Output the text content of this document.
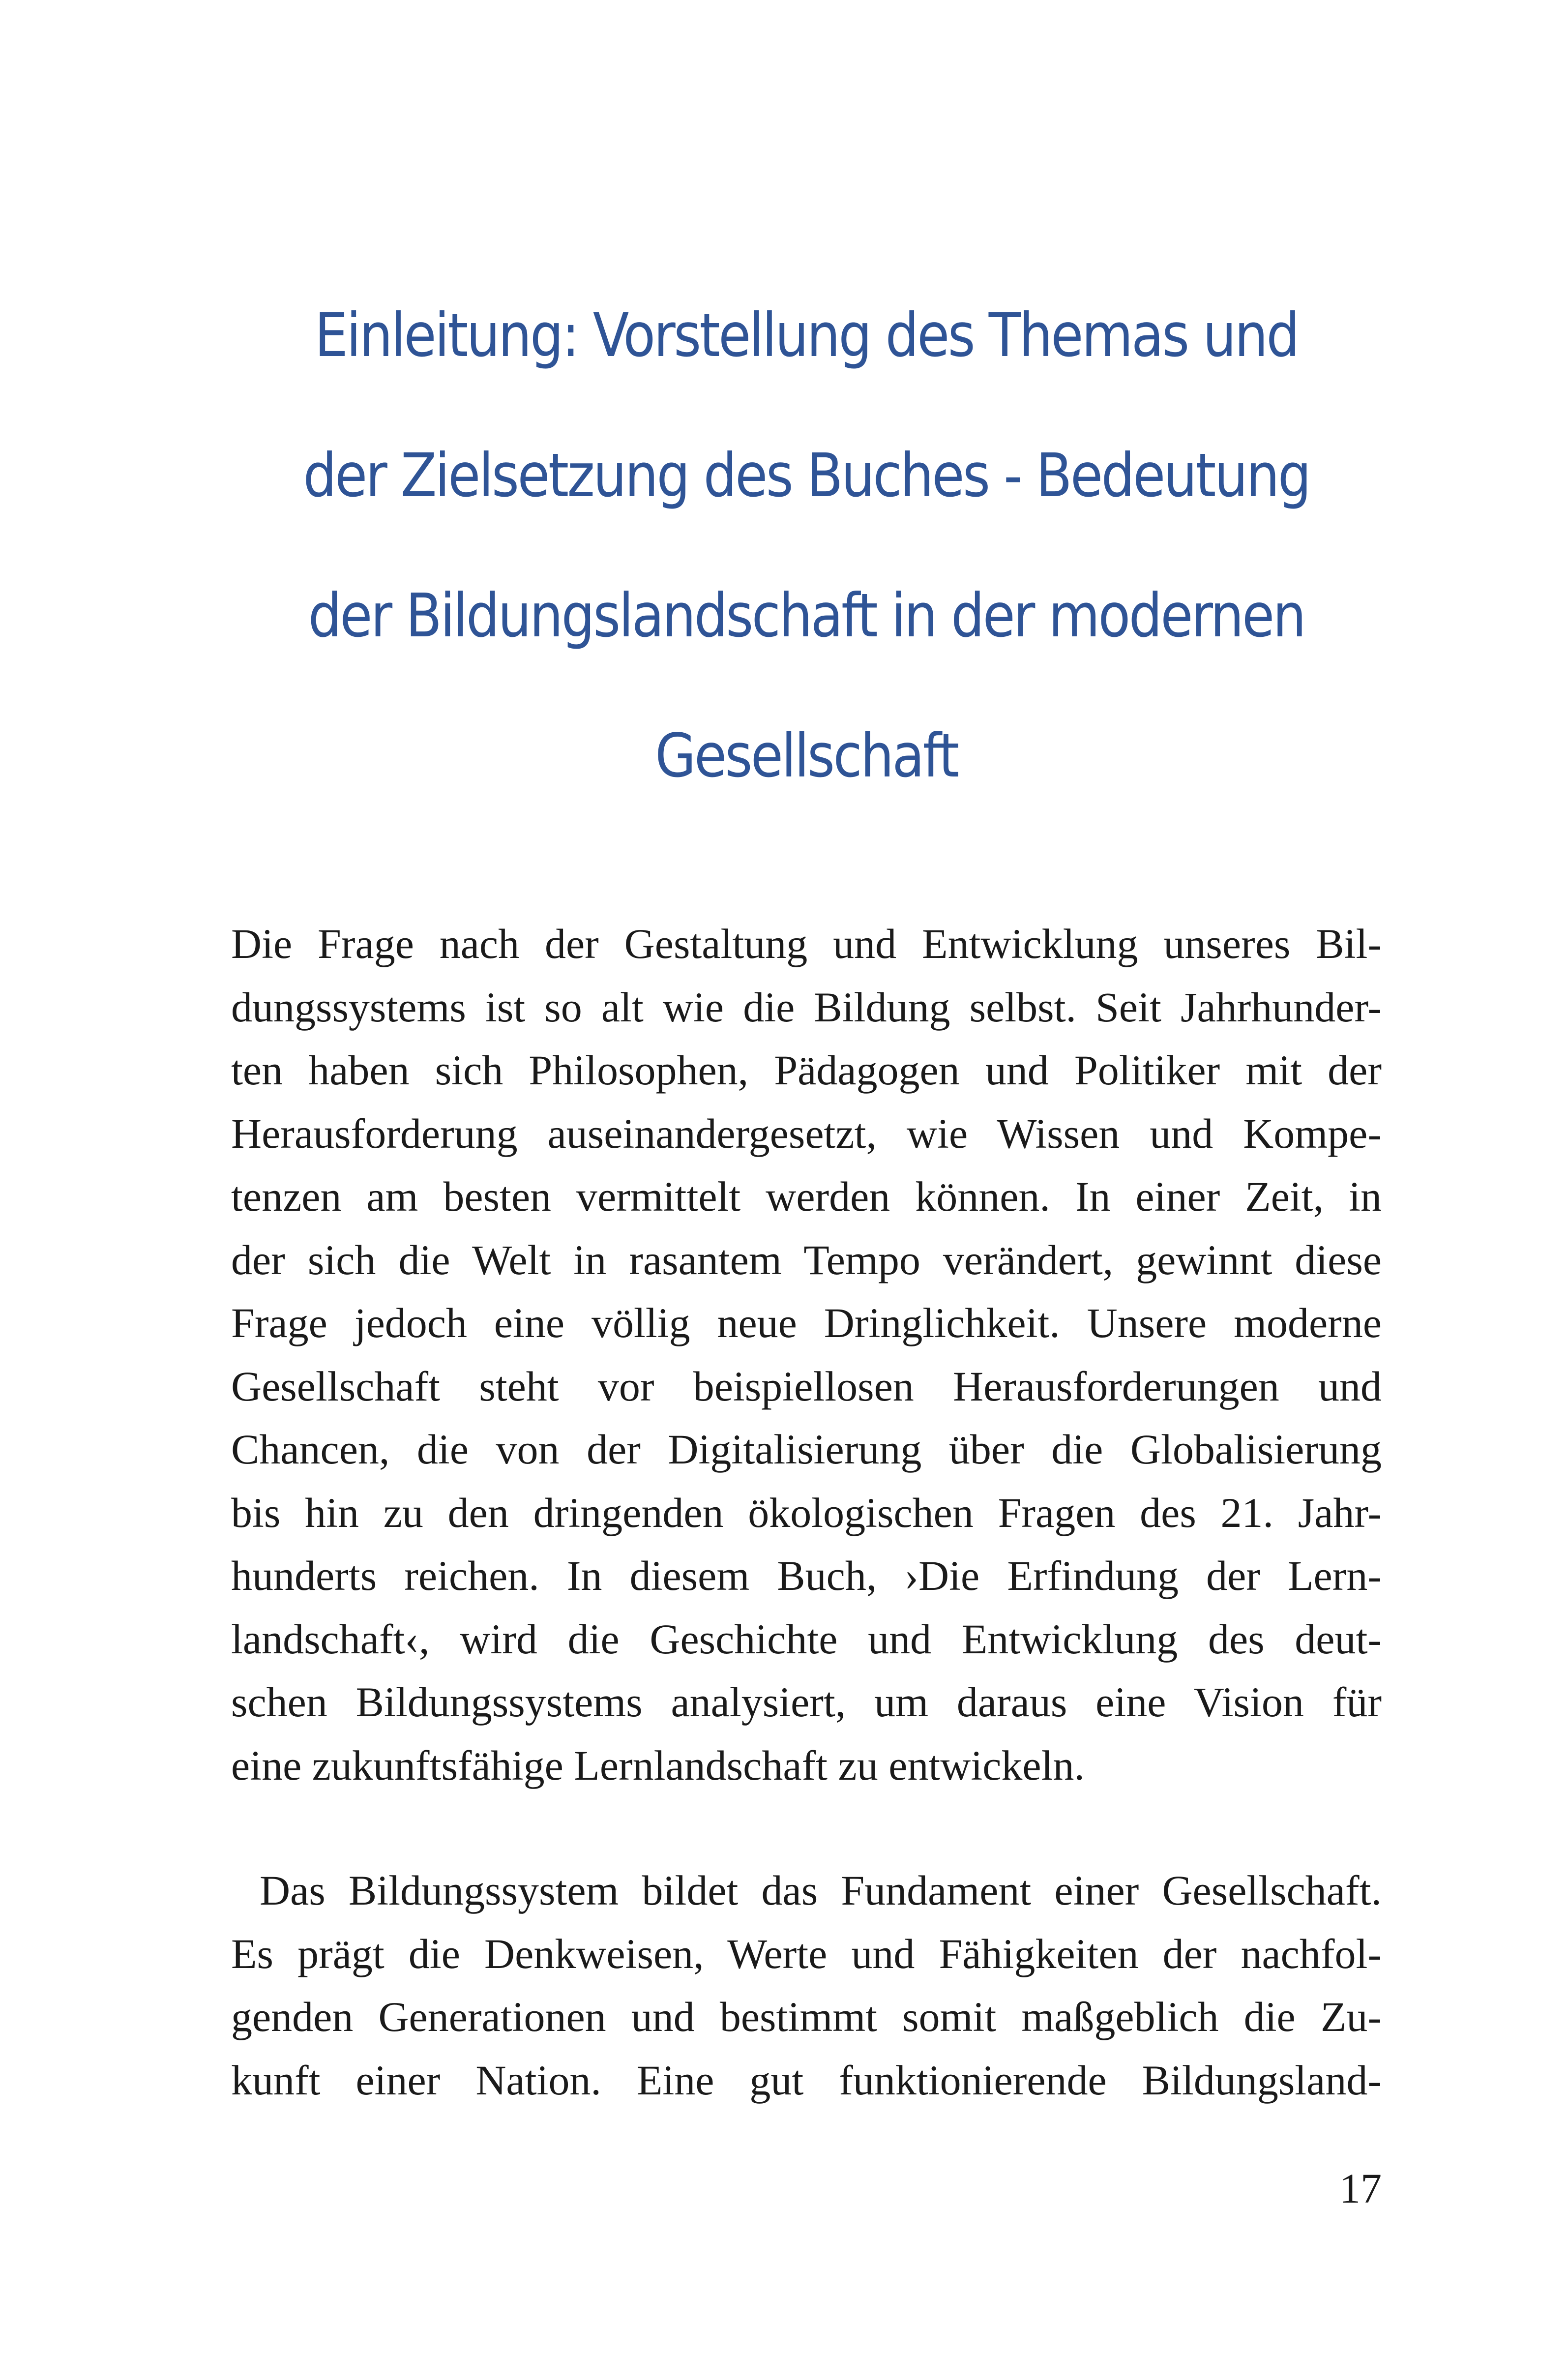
Einleitung: Vorstellung des Themas und
der Zielsetzung des Buches - Bedeutung
der Bildungslandschaft in der modernen
Gesellschaft

Die Frage nach der Gestaltung und Entwicklung unseres Bil-
dungssystems ist so alt wie die Bildung selbst. Seit Jahrhunder-
ten haben sich Philosophen, Pädagogen und Politiker mit der
Herausforderung auseinandergesetzt, wie Wissen und Kompe-
tenzen am besten vermittelt werden können. In einer Zeit, in
der sich die Welt in rasantem Tempo verändert, gewinnt diese
Frage jedoch eine völlig neue Dringlichkeit. Unsere moderne
Gesellschaft steht vor beispiellosen Herausforderungen und
Chancen, die von der Digitalisierung über die Globalisierung
bis hin zu den dringenden ökologischen Fragen des 21. Jahr-
hunderts reichen. In diesem Buch, ›Die Erfindung der Lern-
landschaft‹, wird die Geschichte und Entwicklung des deut-
schen Bildungssystems analysiert, um daraus eine Vision für
eine zukunftsfähige Lernlandschaft zu entwickeln.

Das Bildungssystem bildet das Fundament einer Gesellschaft.
Es prägt die Denkweisen, Werte und Fähigkeiten der nachfol-
genden Generationen und bestimmt somit maßgeblich die Zu-
kunft einer Nation. Eine gut funktionierende Bildungsland-

17
